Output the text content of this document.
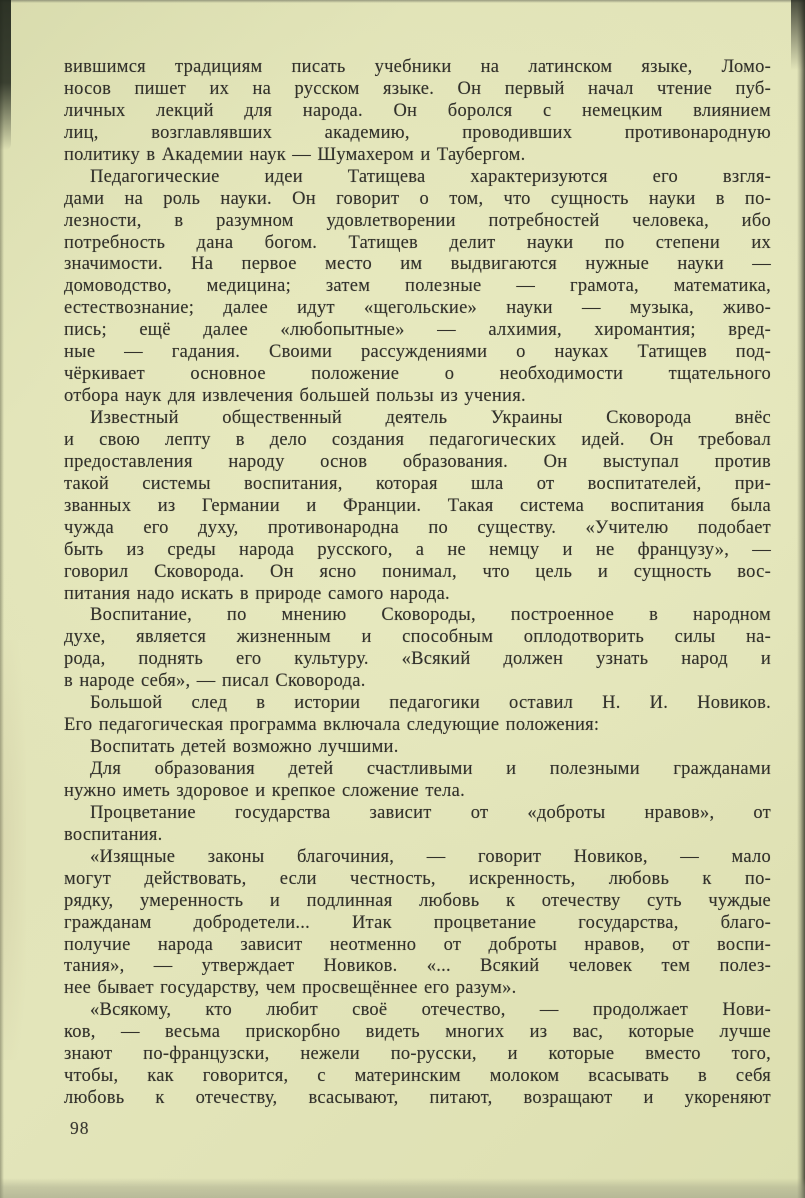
вившимся традициям писать учебники на латинском языке, Ломо-
носов пишет их на русском языке. Он первый начал чтение пуб-
личных лекций для народа. Он боролся с немецким влиянием
лиц, возглавлявших академию, проводивших противонародную
политику в Академии наук — Шумахером и Таубергом.
Педагогические идеи Татищева характеризуются его взгля-
дами на роль науки. Он говорит о том, что сущность науки в по-
лезности, в разумном удовлетворении потребностей человека, ибо
потребность дана богом. Татищев делит науки по степени их
значимости. На первое место им выдвигаются нужные науки —
домоводство, медицина; затем полезные — грамота, математика,
естествознание; далее идут «щегольские» науки — музыка, живо-
пись; ещё далее «любопытные» — алхимия, хиромантия; вред-
ные — гадания. Своими рассуждениями о науках Татищев под-
чёркивает основное положение о необходимости тщательного
отбора наук для извлечения большей пользы из учения.
Известный общественный деятель Украины Сковорода внёс
и свою лепту в дело создания педагогических идей. Он требовал
предоставления народу основ образования. Он выступал против
такой системы воспитания, которая шла от воспитателей, при-
званных из Германии и Франции. Такая система воспитания была
чужда его духу, противонародна по существу. «Учителю подобает
быть из среды народа русского, а не немцу и не французу», —
говорил Сковорода. Он ясно понимал, что цель и сущность вос-
питания надо искать в природе самого народа.
Воспитание, по мнению Сковороды, построенное в народном
духе, является жизненным и способным оплодотворить силы на-
рода, поднять его культуру. «Всякий должен узнать народ и
в народе себя», — писал Сковорода.
Большой след в истории педагогики оставил Н. И. Новиков.
Его педагогическая программа включала следующие положения:
Воспитать детей возможно лучшими.
Для образования детей счастливыми и полезными гражданами
нужно иметь здоровое и крепкое сложение тела.
Процветание государства зависит от «доброты нравов», от
воспитания.
«Изящные законы благочиния, — говорит Новиков, — мало
могут действовать, если честность, искренность, любовь к по-
рядку, умеренность и подлинная любовь к отечеству суть чуждые
гражданам добродетели... Итак процветание государства, благо-
получие народа зависит неотменно от доброты нравов, от воспи-
тания», — утверждает Новиков. «... Всякий человек тем полез-
нее бывает государству, чем просвещённее его разум».
«Всякому, кто любит своё отечество, — продолжает Нови-
ков, — весьма прискорбно видеть многих из вас, которые лучше
знают по-французски, нежели по-русски, и которые вместо того,
чтобы, как говорится, с материнским молоком всасывать в себя
любовь к отечеству, всасывают, питают, возращают и укореняют
98
